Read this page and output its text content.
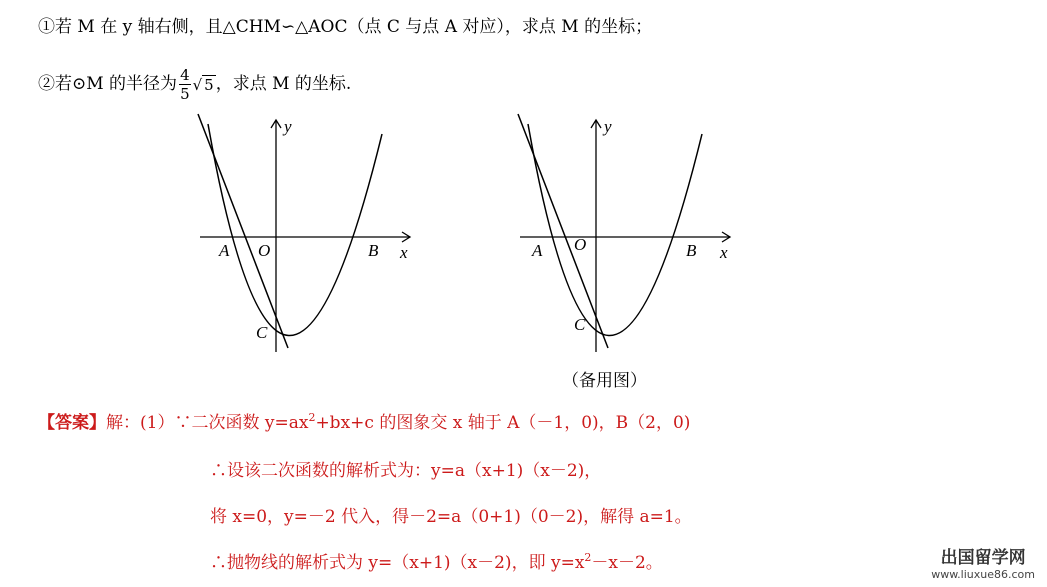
①若 M 在 y 轴右侧，且△CHM∽△AOC（点 C 与点 A 对应），求点 M 的坐标；
②若⊙M 的半径为 $\frac{4}{5}$ √ 5 ，求点 M 的坐标.
y
x
A O	B
C
y
x
A O	B
C
（备用图）
【答案】解：(1）∵二次函数 $y=ax^2+bx+c$ 的图象交 x 轴于 A（－1，0)，B（2，0)
∴设该二次函数的解析式为：y=a（x+1)（x－2)，
将 x=0，y=－2 代入，得－2=a（0+1)（0－2)，解得 a=1。
∴抛物线的解析式为 y=（x+1)（x－2)，即 $y=x^2-x-2$。	出国留学网
www.liuxue86.com
